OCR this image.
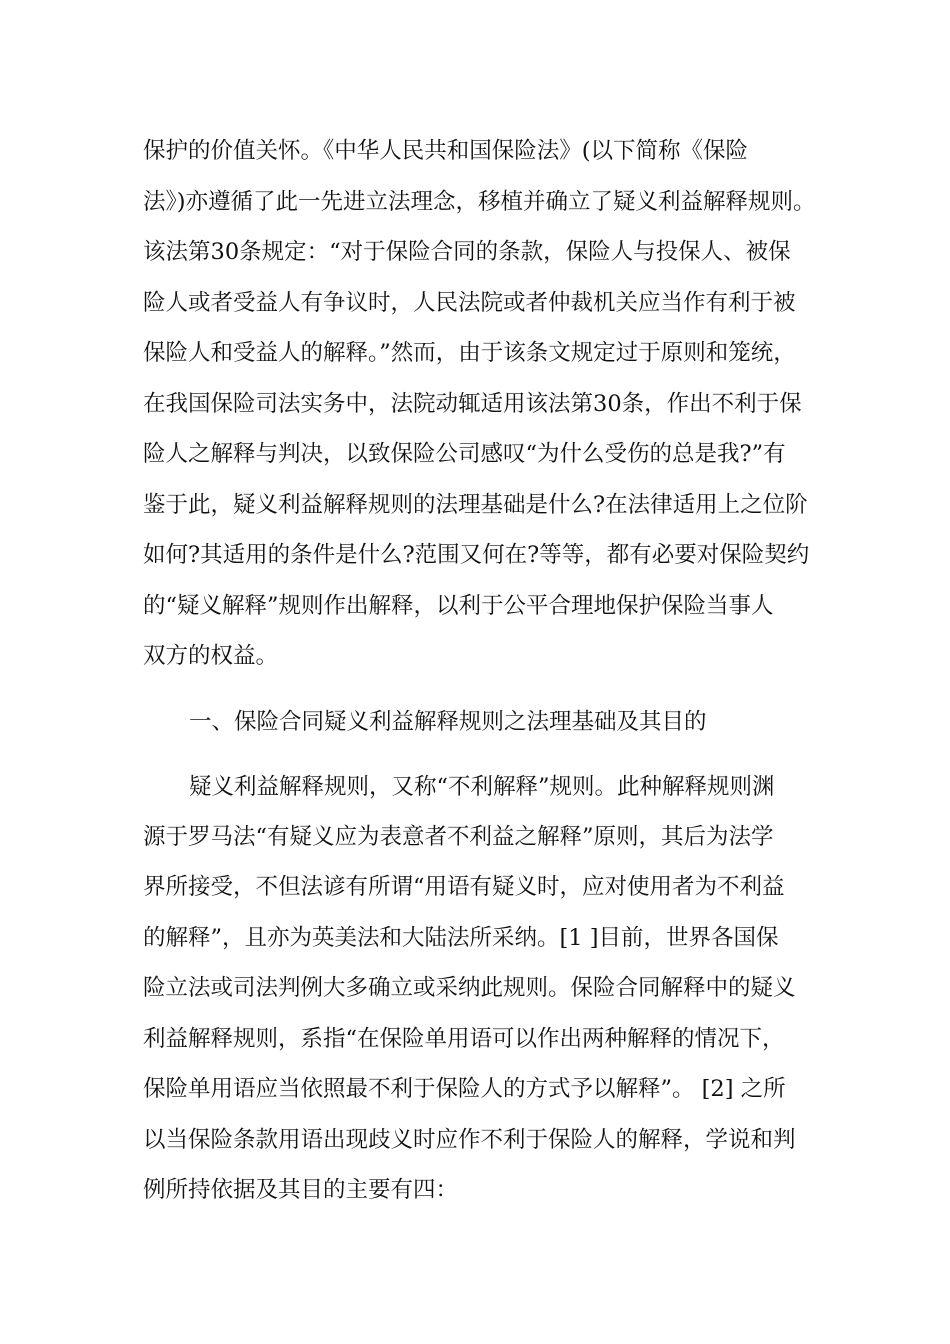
保护的价值关怀。《中华人民共和国保险法》(以下简称《保险
法》)亦遵循了此一先进立法理念，移植并确立了疑义利益解释规则。
该法第30条规定：“对于保险合同的条款，保险人与投保人、被保
险人或者受益人有争议时，人民法院或者仲裁机关应当作有利于被
保险人和受益人的解释。”然而，由于该条文规定过于原则和笼统，
在我国保险司法实务中，法院动辄适用该法第30条，作出不利于保
险人之解释与判决，以致保险公司感叹“为什么受伤的总是我?”有
鉴于此，疑义利益解释规则的法理基础是什么?在法律适用上之位阶
如何?其适用的条件是什么?范围又何在?等等，都有必要对保险契约
的“疑义解释”规则作出解释，以利于公平合理地保护保险当事人
双方的权益。
一、保险合同疑义利益解释规则之法理基础及其目的
疑义利益解释规则，又称“不利解释”规则。此种解释规则渊
源于罗马法“有疑义应为表意者不利益之解释”原则，其后为法学
界所接受，不但法谚有所谓“用语有疑义时，应对使用者为不利益
的解释”，且亦为英美法和大陆法所采纳。[1 ]目前，世界各国保
险立法或司法判例大多确立或采纳此规则。保险合同解释中的疑义
利益解释规则，系指“在保险单用语可以作出两种解释的情况下，
保险单用语应当依照最不利于保险人的方式予以解释”。 [2] 之所
以当保险条款用语出现歧义时应作不利于保险人的解释，学说和判
例所持依据及其目的主要有四：
